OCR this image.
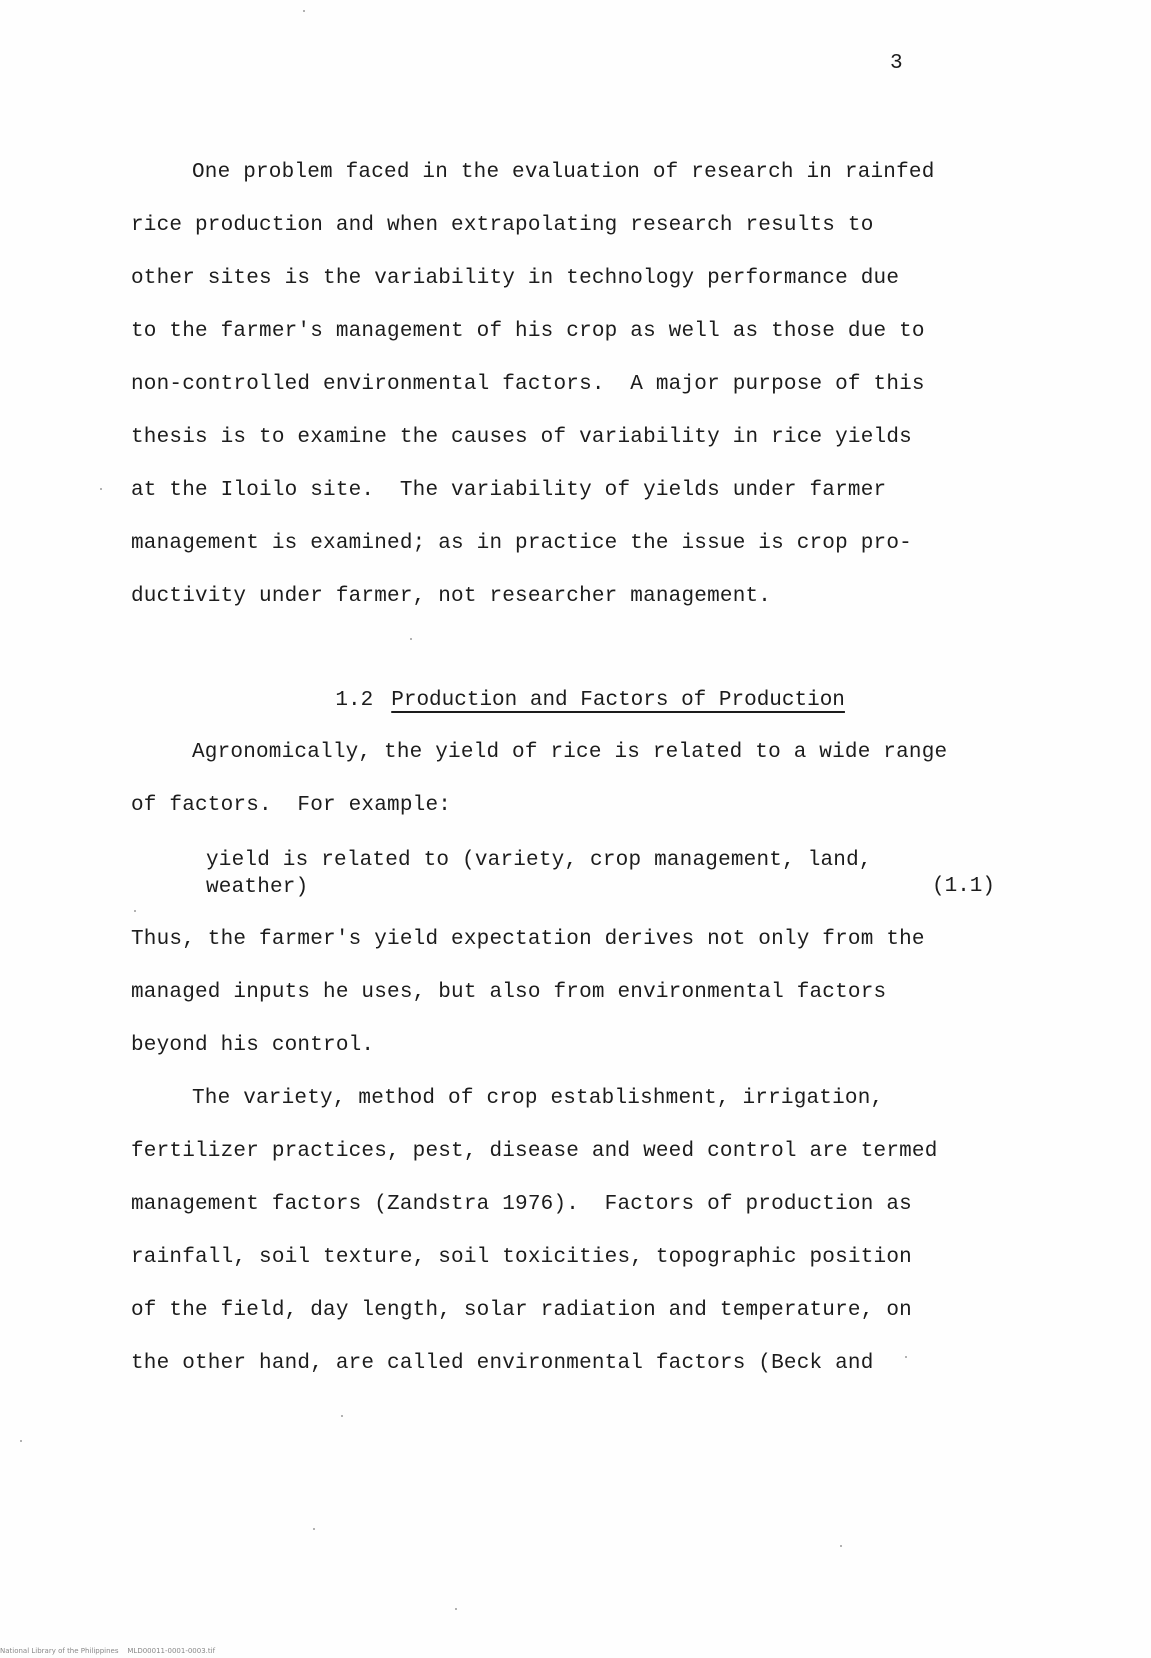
3
One problem faced in the evaluation of research in rainfed
rice production and when extrapolating research results to
other sites is the variability in technology performance due
to the farmer's management of his crop as well as those due to
non-controlled environmental factors.  A major purpose of this
thesis is to examine the causes of variability in rice yields
at the Iloilo site.  The variability of yields under farmer
management is examined; as in practice the issue is crop pro-
ductivity under farmer, not researcher management.

1.2 Production and Factors of Production

Agronomically, the yield of rice is related to a wide range
of factors.  For example:
yield is related to (variety, crop management, land,
weather)	(1.1)
Thus, the farmer's yield expectation derives not only from the
managed inputs he uses, but also from environmental factors
beyond his control.
The variety, method of crop establishment, irrigation,
fertilizer practices, pest, disease and weed control are termed
management factors (Zandstra 1976).  Factors of production as
rainfall, soil texture, soil toxicities, topographic position
of the field, day length, solar radiation and temperature, on
the other hand, are called environmental factors (Beck and
National Library of the Philippines    MLD00011-0001-0003.tif
